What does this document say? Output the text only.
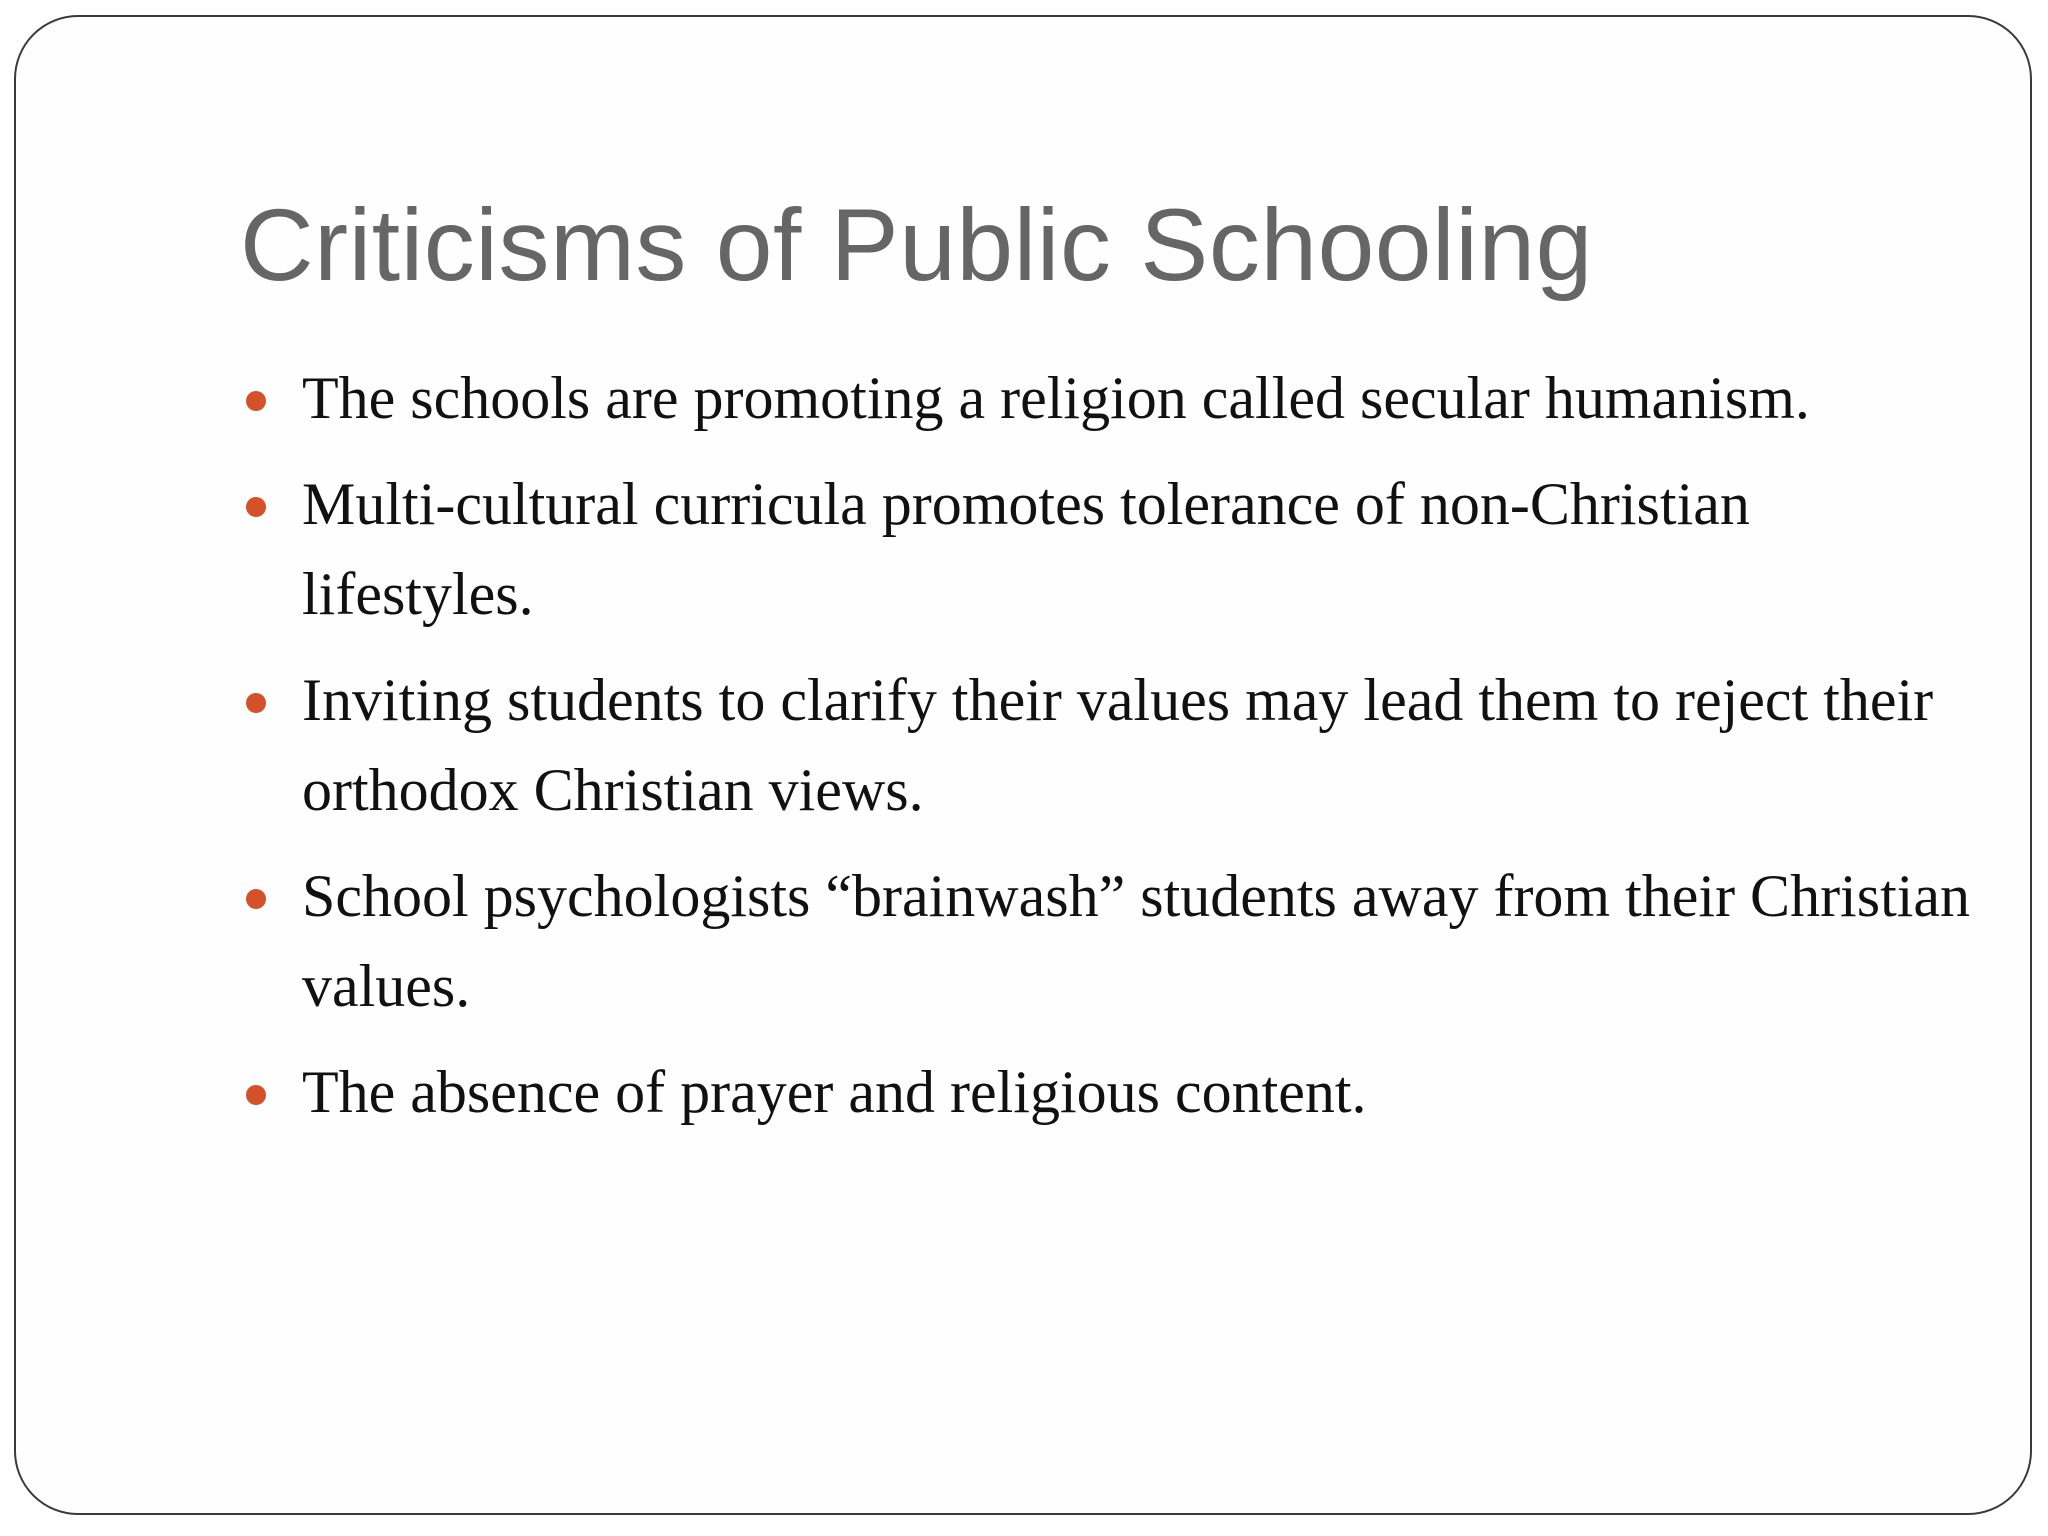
Criticisms of Public Schooling
The schools are promoting a religion called secular humanism.
Multi-cultural curricula promotes tolerance of non-Christian lifestyles.
Inviting students to clarify their values may lead them to reject their orthodox Christian views.
School psychologists “brainwash” students away from their Christian values.
The absence of prayer and religious content.
